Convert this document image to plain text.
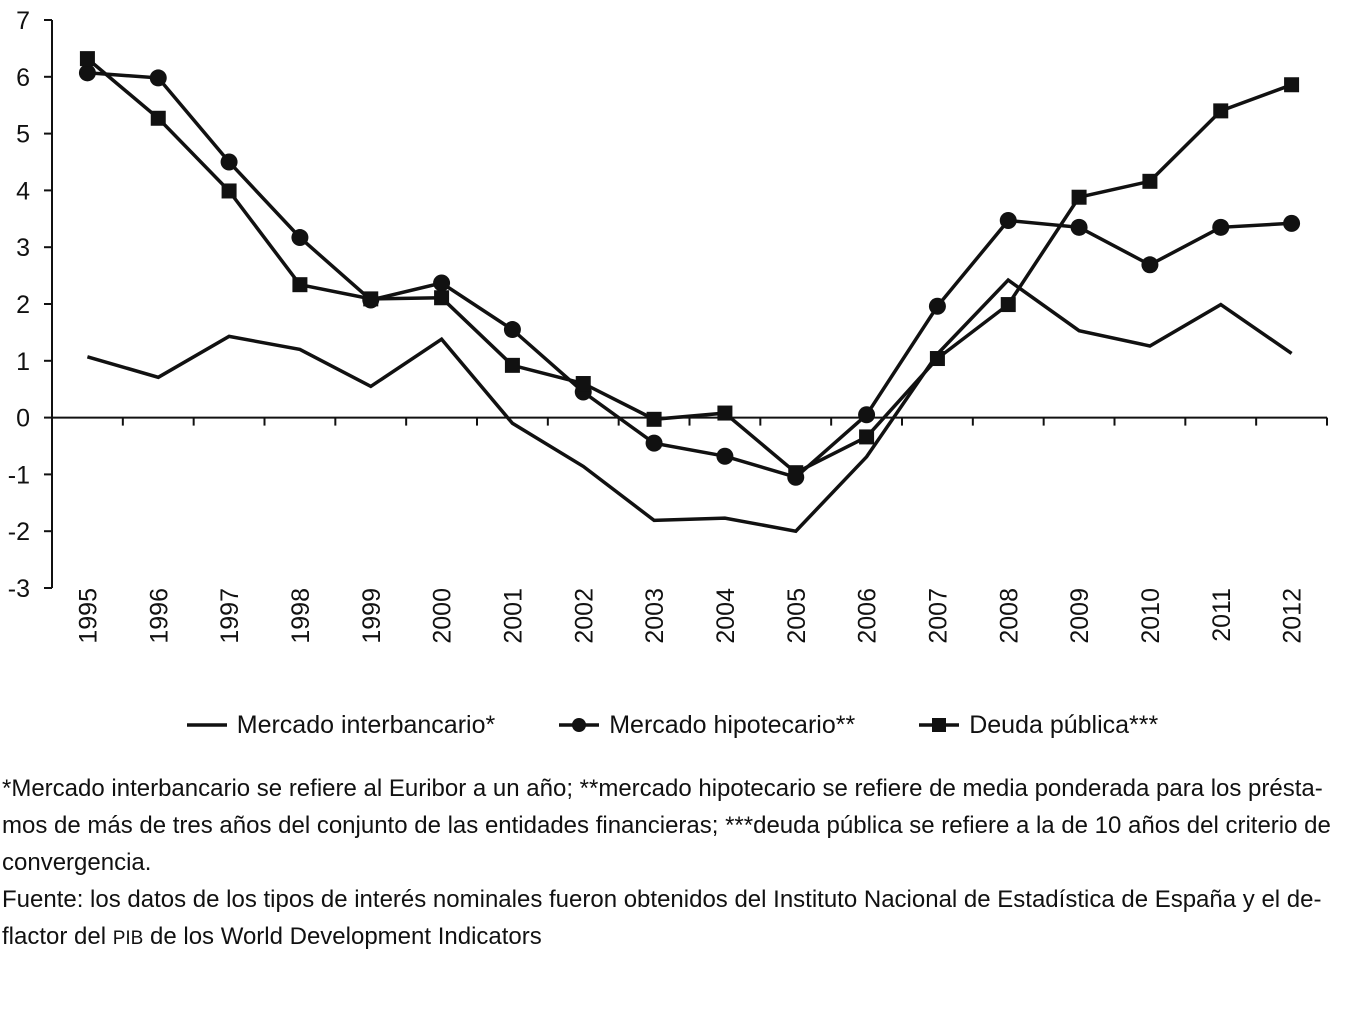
7
6
5
4
3
2
1
0
-1
-2
-3 1995 1996 1997 1998 1999 2000 2001 2002 2003 2004 2005 2006 2007 2008 2009 2010 2011 2012
Mercado interbancario*	Mercado hipotecario**	Deuda pública***

*Mercado interbancario se refiere al Euribor a un año; **mercado hipotecario se refiere de media ponderada para los présta-mos de más de tres años del conjunto de las entidades financieras; ***deuda pública se refiere a la de 10 años del criterio de convergencia.

Fuente: los datos de los tipos de interés nominales fueron obtenidos del Instituto Nacional de Estadística de España y el de-
flactor del PIB de los World Development Indicators
